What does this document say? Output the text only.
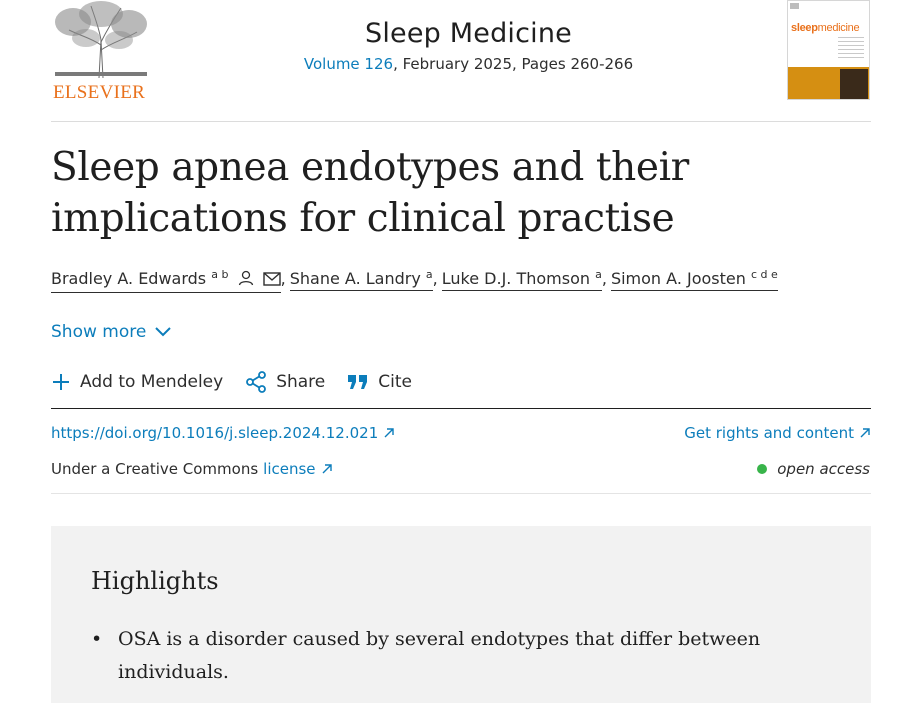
ELSEVIER
Sleep Medicine
Volume 126, February 2025, Pages 260-266
sleepmedicine
Sleep apnea endotypes and their implications for clinical practise
Bradley A. Edwards $^{a b}$	, Shane A. Landry $^a$, Luke D.J. Thomson $^a$, Simon A. Joosten $^{c d e}$
Show more
Add to Mendeley	Share	Cite
https://doi.org/10.1016/j.sleep.2024.12.021	Get rights and content
Under a Creative Commons license	open access
Highlights
• OSA is a disorder caused by several endotypes that differ between individuals.
